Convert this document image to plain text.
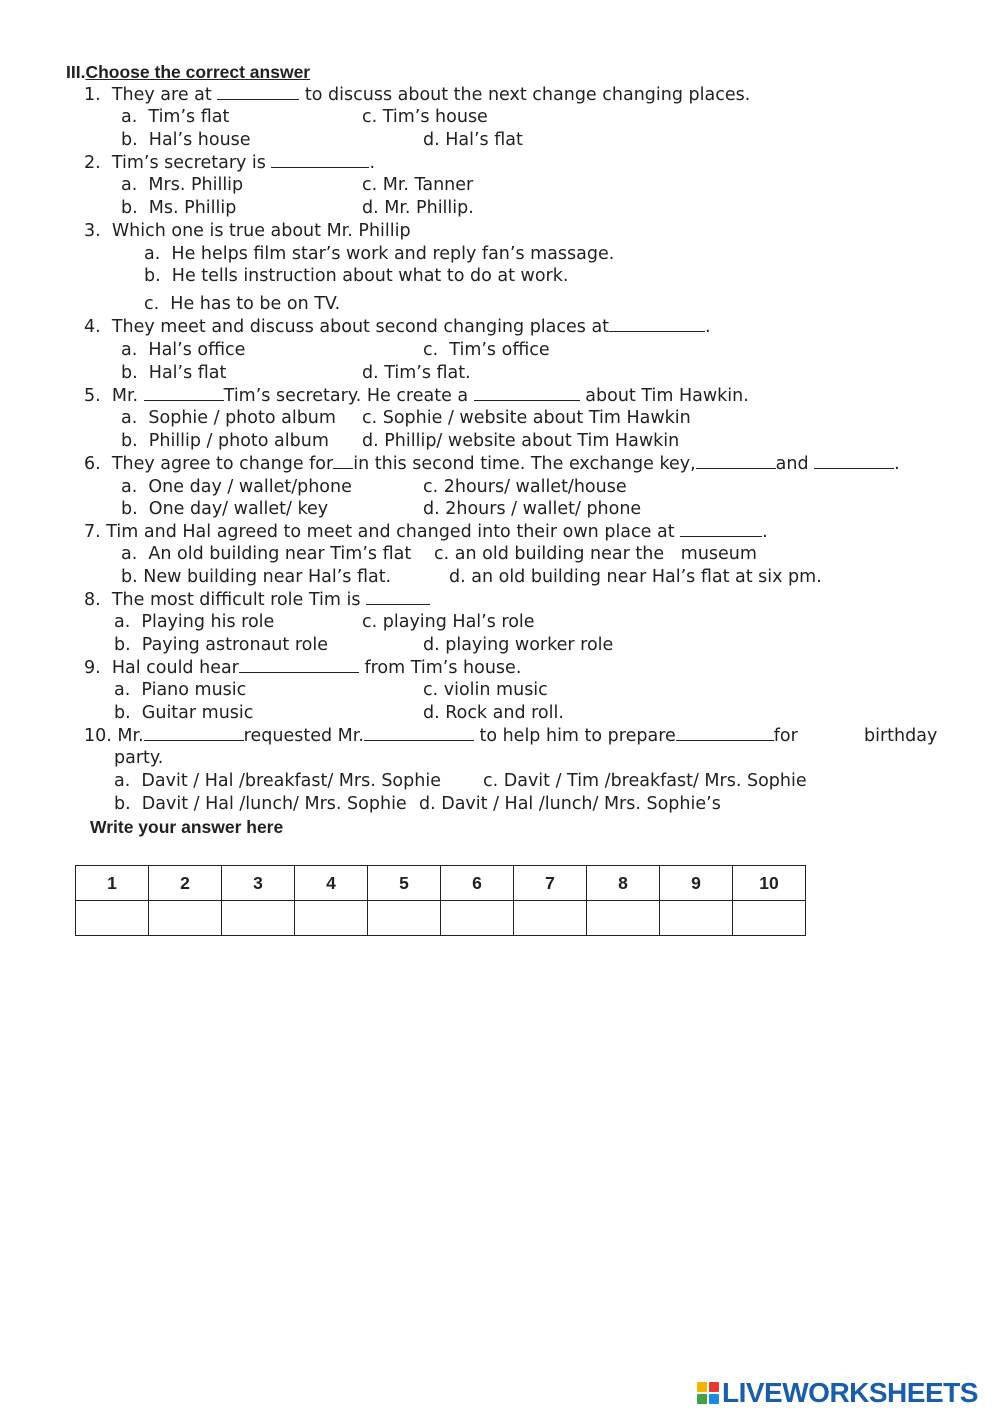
III.Choose the correct answer
1. They are at	to discuss about the next change changing places.
a.  Tim’s flat	c. Tim’s house
b.  Hal’s house	d. Hal’s flat
2. Tim’s secretary is	.
a.  Mrs. Phillip	c. Mr. Tanner
b.  Ms. Phillip	d. Mr. Phillip.
3. Which one is true about Mr. Phillip
a.  He helps film star’s work and reply fan’s massage.
b.  He tells instruction about what to do at work.
c.  He has to be on TV.
4. They meet and discuss about second changing places at	.
a.  Hal’s office	c.  Tim’s office
b.  Hal’s flat	d. Tim’s flat.
5. Mr.	Tim’s secretary. He create a	about Tim Hawkin.
a.  Sophie / photo album c. Sophie / website about Tim Hawkin
b.  Phillip / photo album d. Phillip/ website about Tim Hawkin
6. They agree to change for in this second time. The exchange key,	and	.
a.  One day / wallet/phone	c. 2hours/ wallet/house
b.  One day/ wallet/ key	d. 2hours / wallet/ phone
7. Tim and Hal agreed to meet and changed into their own place at	.
a.  An old building near Tim’s flat c. an old building near the   museum
b. New building near Hal’s flat.	d. an old building near Hal’s flat at six pm.
8. The most difficult role Tim is
a.  Playing his role	c. playing Hal’s role
b.  Paying astronaut role	d. playing worker role
9. Hal could hear	from Tim’s house.
a.  Piano music	c. violin music
b.  Guitar music	d. Rock and roll.
10. Mr.	requested Mr.	to help him to prepare	for	birthday
party.
a.  Davit / Hal /breakfast/ Mrs. Sophie c. Davit / Tim /breakfast/ Mrs. Sophie
b.  Davit / Hal /lunch/ Mrs. Sophie d. Davit / Hal /lunch/ Mrs. Sophie’s
Write your answer here
1	2	3	4	5	6	7	8	9	10

LIVEWORKSHEETS
